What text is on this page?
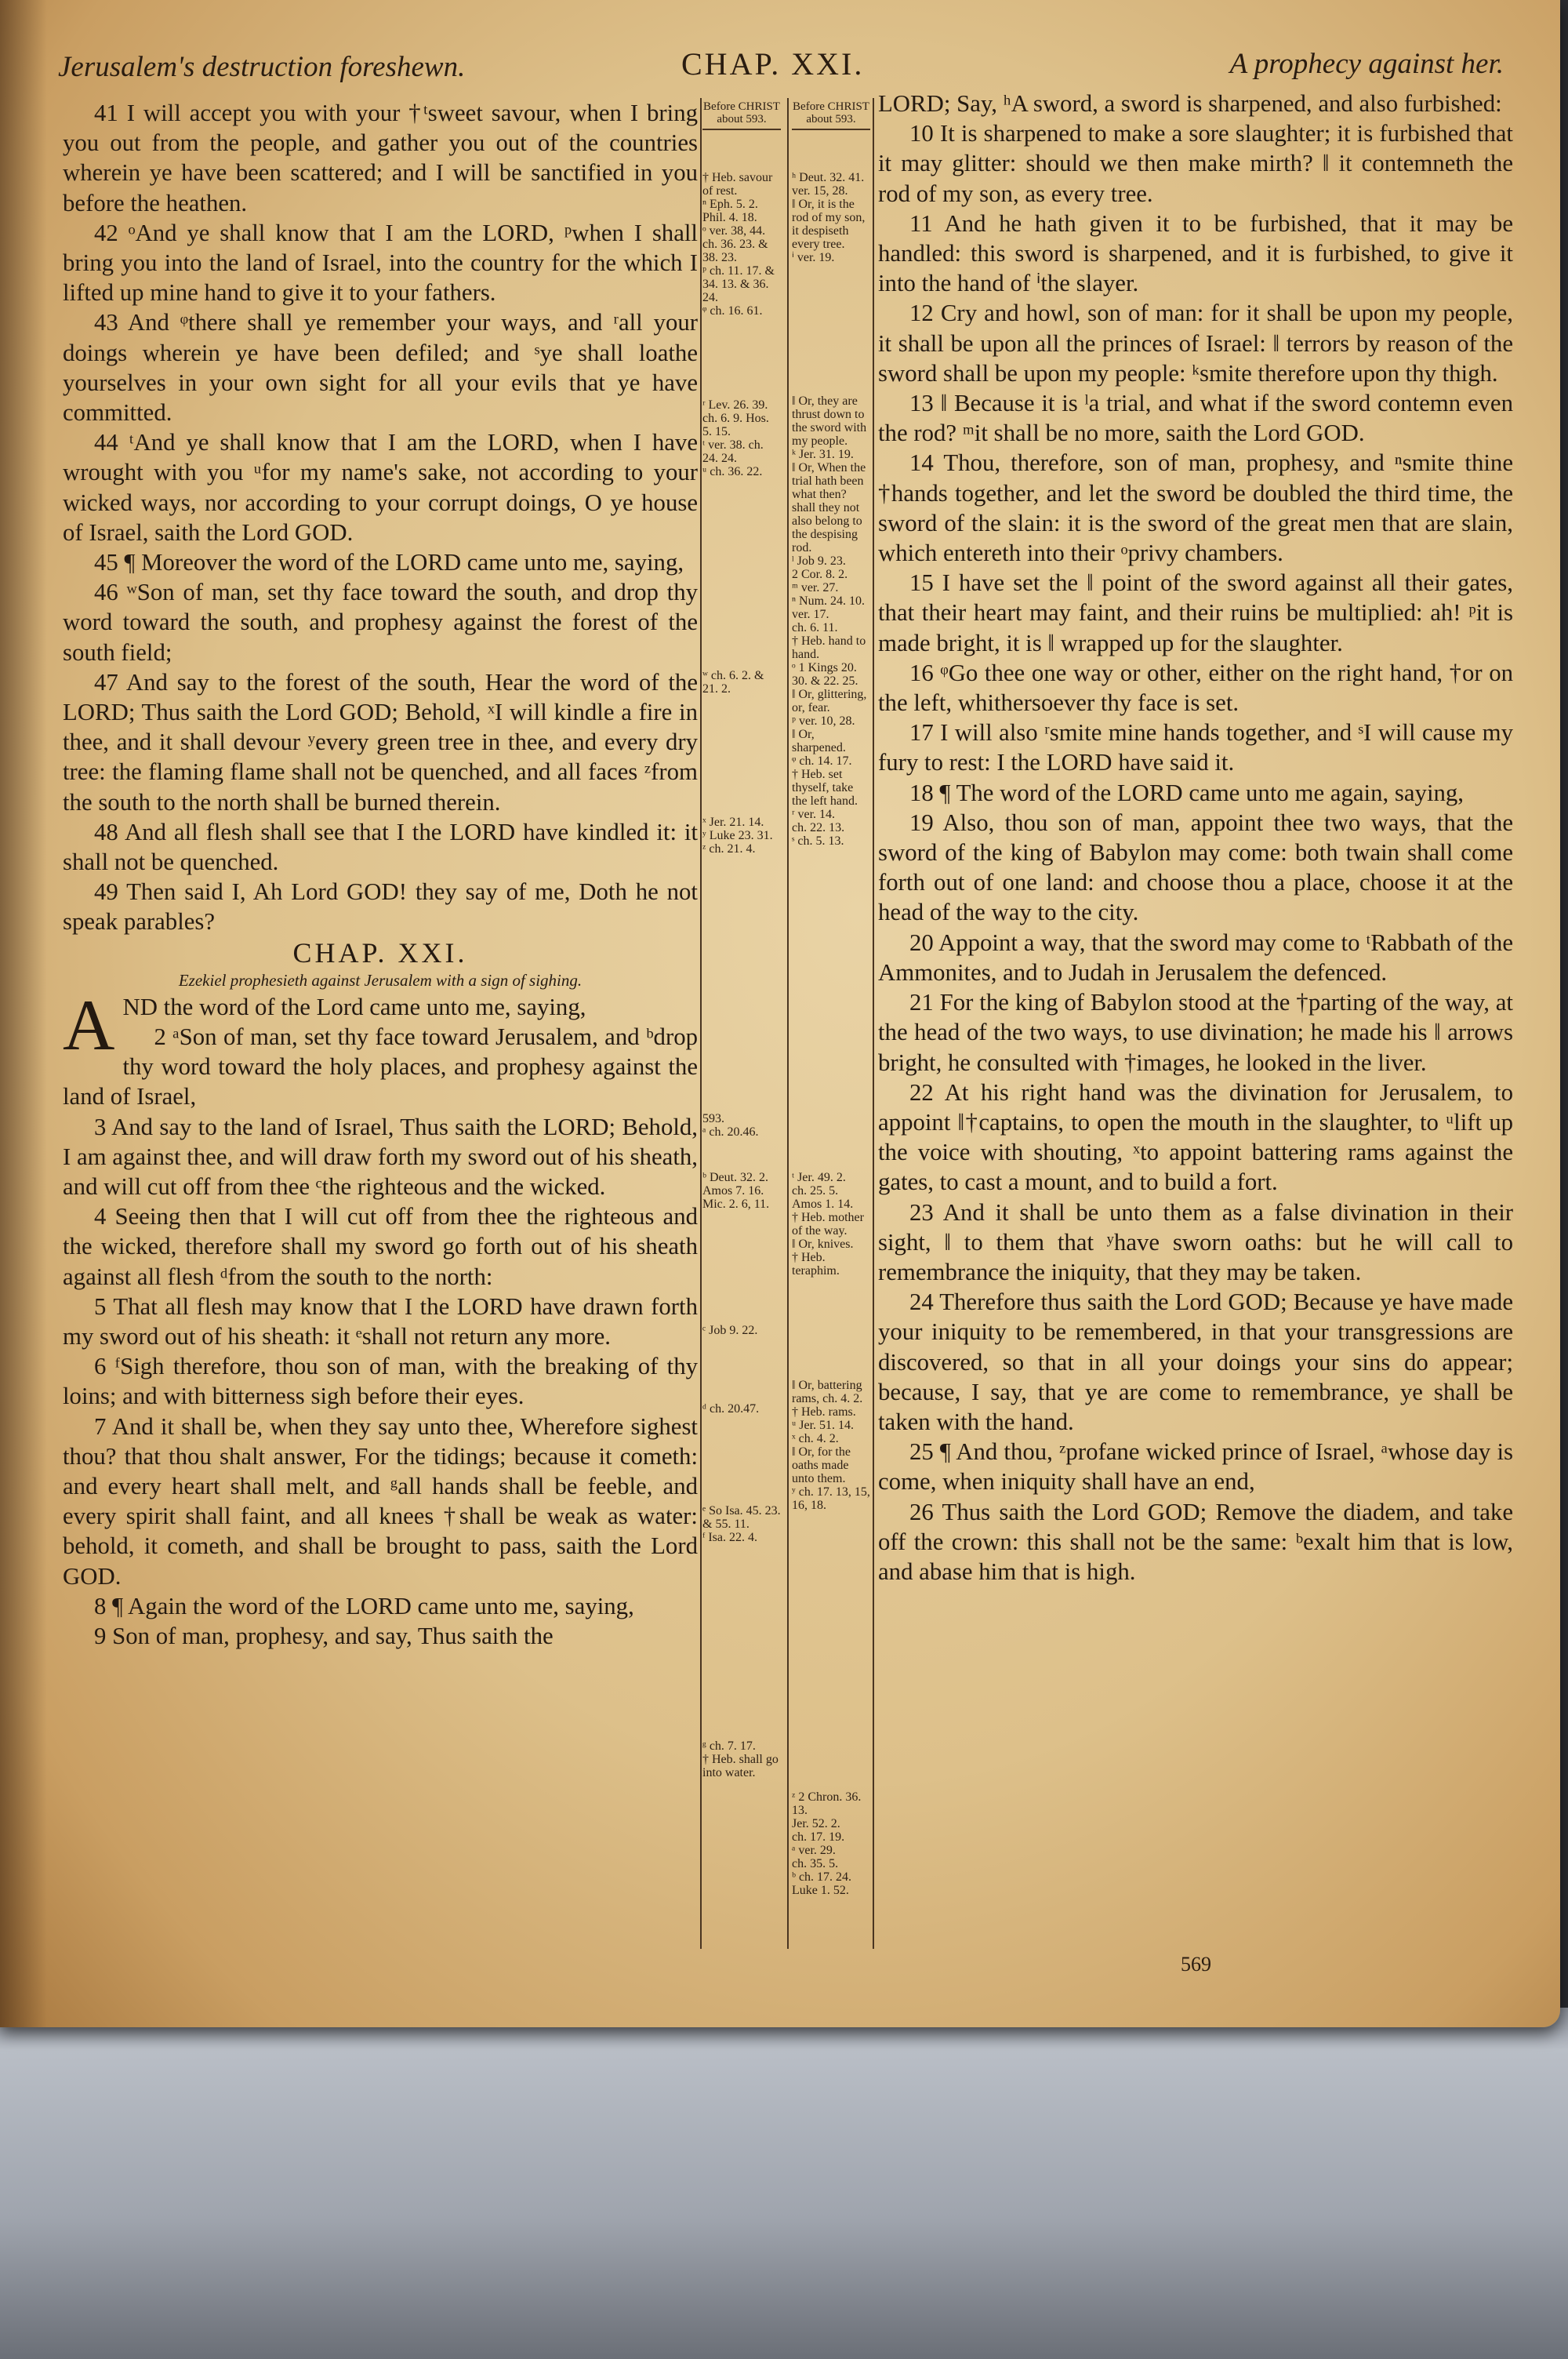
Jerusalem's destruction foreshewn.	CHAP. XXI.	A prophecy against her.

41 I will accept you with your †ᵗsweet savour, when I bring you out from the people, and gather you out of the countries wherein ye have been scattered; and I will be sanctified in you before the heathen.

42 ᵒAnd ye shall know that I am the LORD, ᵖwhen I shall bring you into the land of Israel, into the country for the which I lifted up mine hand to give it to your fathers.

43 And ᵠthere shall ye remember your ways, and ʳall your doings wherein ye have been defiled; and ˢye shall loathe yourselves in your own sight for all your evils that ye have committed.

44 ᵗAnd ye shall know that I am the LORD, when I have wrought with you ᵘfor my name's sake, not according to your wicked ways, nor according to your corrupt doings, O ye house of Israel, saith the Lord GOD.

45 ¶ Moreover the word of the LORD came unto me, saying,

46 ʷSon of man, set thy face toward the south, and drop thy word toward the south, and prophesy against the forest of the south field;

47 And say to the forest of the south, Hear the word of the LORD; Thus saith the Lord GOD; Behold, ˣI will kindle a fire in thee, and it shall devour ʸevery green tree in thee, and every dry tree: the flaming flame shall not be quenched, and all faces ᶻfrom the south to the north shall be burned therein.

48 And all flesh shall see that I the LORD have kindled it: it shall not be quenched.

49 Then said I, Ah Lord GOD! they say of me, Doth he not speak parables?

CHAP. XXI.

Ezekiel prophesieth against Jerusalem with a sign of sighing.

AND the word of the Lord came unto me, saying,

2 ᵃSon of man, set thy face toward Jerusalem, and ᵇdrop thy word toward the holy places, and prophesy against the land of Israel,

3 And say to the land of Israel, Thus saith the LORD; Behold, I am against thee, and will draw forth my sword out of his sheath, and will cut off from thee ᶜthe righteous and the wicked.

4 Seeing then that I will cut off from thee the righteous and the wicked, therefore shall my sword go forth out of his sheath against all flesh ᵈfrom the south to the north:

5 That all flesh may know that I the LORD have drawn forth my sword out of his sheath: it ᵉshall not return any more.

6 ᶠSigh therefore, thou son of man, with the breaking of thy loins; and with bitterness sigh before their eyes.

7 And it shall be, when they say unto thee, Wherefore sighest thou? that thou shalt answer, For the tidings; because it cometh: and every heart shall melt, and ᵍall hands shall be feeble, and every spirit shall faint, and all knees †shall be weak as water: behold, it cometh, and shall be brought to pass, saith the Lord GOD.

8 ¶ Again the word of the LORD came unto me, saying,

9 Son of man, prophesy, and say, Thus saith the

Before CHRIST about 593.
† Heb. savour of rest.
ⁿ Eph. 5. 2. Phil. 4. 18.
ᵒ ver. 38, 44.
ch. 36. 23. & 38. 23.
ᵖ ch. 11. 17. & 34. 13. & 36. 24.
ᵠ ch. 16. 61.
ʳ Lev. 26. 39.
ch. 6. 9. Hos. 5. 15.
ᵗ ver. 38. ch. 24. 24.
ᵘ ch. 36. 22.
ʷ ch. 6. 2. & 21. 2.
ˣ Jer. 21. 14.
ʸ Luke 23. 31.
ᶻ ch. 21. 4.
593.
ᵃ ch. 20.46.
ᵇ Deut. 32. 2.
Amos 7. 16.
Mic. 2. 6, 11.
ᶜ Job 9. 22.
ᵈ ch. 20.47.
ᵉ So Isa. 45. 23. & 55. 11.
ᶠ Isa. 22. 4.
ᵍ ch. 7. 17.
† Heb. shall go into water.
Before CHRIST about 593.
ʰ Deut. 32. 41.
ver. 15, 28.
‖ Or, it is the rod of my son, it despiseth every tree.
ⁱ ver. 19.
‖ Or, they are thrust down to the sword with my people.
ᵏ Jer. 31. 19.
‖ Or, When the trial hath been what then? shall they not also belong to the despising rod.
ˡ Job 9. 23.
2 Cor. 8. 2.
ᵐ ver. 27.
ⁿ Num. 24. 10.
ver. 17.
ch. 6. 11.
† Heb. hand to hand.
ᵒ 1 Kings 20. 30. & 22. 25.
‖ Or, glittering, or, fear.
ᵖ ver. 10, 28.
‖ Or, sharpened.
ᵠ ch. 14. 17.
† Heb. set thyself, take the left hand.
ʳ ver. 14.
ch. 22. 13.
ˢ ch. 5. 13.
ᵗ Jer. 49. 2.
ch. 25. 5.
Amos 1. 14.
† Heb. mother of the way.
‖ Or, knives.
† Heb. teraphim.
‖ Or, battering rams, ch. 4. 2.
† Heb. rams.
ᵘ Jer. 51. 14.
ˣ ch. 4. 2.
‖ Or, for the oaths made unto them.
ʸ ch. 17. 13, 15, 16, 18.
ᶻ 2 Chron. 36. 13.
Jer. 52. 2.
ch. 17. 19.
ᵃ ver. 29.
ch. 35. 5.
ᵇ ch. 17. 24.
Luke 1. 52.

LORD; Say, ʰA sword, a sword is sharpened, and also furbished:

10 It is sharpened to make a sore slaughter; it is furbished that it may glitter: should we then make mirth? ‖ it contemneth the rod of my son, as every tree.

11 And he hath given it to be furbished, that it may be handled: this sword is sharpened, and it is furbished, to give it into the hand of ⁱthe slayer.

12 Cry and howl, son of man: for it shall be upon my people, it shall be upon all the princes of Israel: ‖ terrors by reason of the sword shall be upon my people: ᵏsmite therefore upon thy thigh.

13 ‖ Because it is ˡa trial, and what if the sword contemn even the rod? ᵐit shall be no more, saith the Lord GOD.

14 Thou, therefore, son of man, prophesy, and ⁿsmite thine †hands together, and let the sword be doubled the third time, the sword of the slain: it is the sword of the great men that are slain, which entereth into their ᵒprivy chambers.

15 I have set the ‖ point of the sword against all their gates, that their heart may faint, and their ruins be multiplied: ah! ᵖit is made bright, it is ‖ wrapped up for the slaughter.

16 ᵠGo thee one way or other, either on the right hand, †or on the left, whithersoever thy face is set.

17 I will also ʳsmite mine hands together, and ˢI will cause my fury to rest: I the LORD have said it.

18 ¶ The word of the LORD came unto me again, saying,

19 Also, thou son of man, appoint thee two ways, that the sword of the king of Babylon may come: both twain shall come forth out of one land: and choose thou a place, choose it at the head of the way to the city.

20 Appoint a way, that the sword may come to ᵗRabbath of the Ammonites, and to Judah in Jerusalem the defenced.

21 For the king of Babylon stood at the †parting of the way, at the head of the two ways, to use divination; he made his ‖ arrows bright, he consulted with †images, he looked in the liver.

22 At his right hand was the divination for Jerusalem, to appoint ‖†captains, to open the mouth in the slaughter, to ᵘlift up the voice with shouting, ˣto appoint battering rams against the gates, to cast a mount, and to build a fort.

23 And it shall be unto them as a false divination in their sight, ‖ to them that ʸhave sworn oaths: but he will call to remembrance the iniquity, that they may be taken.

24 Therefore thus saith the Lord GOD; Because ye have made your iniquity to be remembered, in that your transgressions are discovered, so that in all your doings your sins do appear; because, I say, that ye are come to remembrance, ye shall be taken with the hand.

25 ¶ And thou, ᶻprofane wicked prince of Israel, ᵃwhose day is come, when iniquity shall have an end,

26 Thus saith the Lord GOD; Remove the diadem, and take off the crown: this shall not be the same: ᵇexalt him that is low, and abase him that is high.

569
